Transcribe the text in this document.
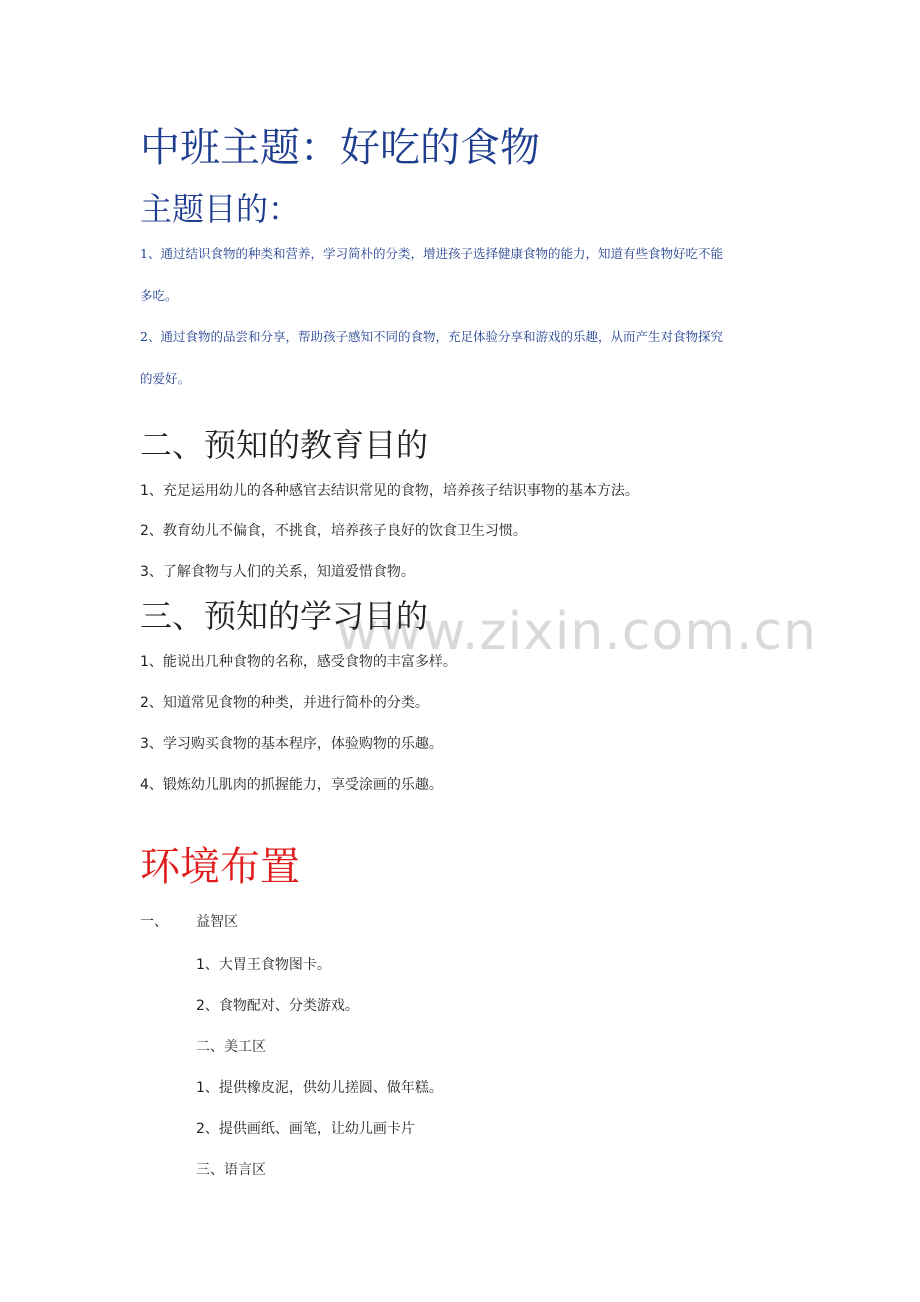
www.zixin.com.cn
中班主题：好吃的食物
主题目的：
1、通过结识食物的种类和营养，学习简朴的分类，增进孩子选择健康食物的能力，知道有些食物好吃不能
多吃。
2、通过食物的品尝和分享，帮助孩子感知不同的食物，充足体验分享和游戏的乐趣，从而产生对食物探究
的爱好。
二、预知的教育目的
1、充足运用幼儿的各种感官去结识常见的食物，培养孩子结识事物的基本方法。
2、教育幼儿不偏食，不挑食，培养孩子良好的饮食卫生习惯。
3、了解食物与人们的关系，知道爱惜食物。
三、预知的学习目的
1、能说出几种食物的名称，感受食物的丰富多样。
2、知道常见食物的种类，并进行简朴的分类。
3、学习购买食物的基本程序，体验购物的乐趣。
4、锻炼幼儿肌肉的抓握能力，享受涂画的乐趣。
环境布置
一、 益智区
1、大胃王食物图卡。
2、食物配对、分类游戏。
二、美工区
1、提供橡皮泥，供幼儿搓圆、做年糕。
2、提供画纸、画笔，让幼儿画卡片
三、语言区
